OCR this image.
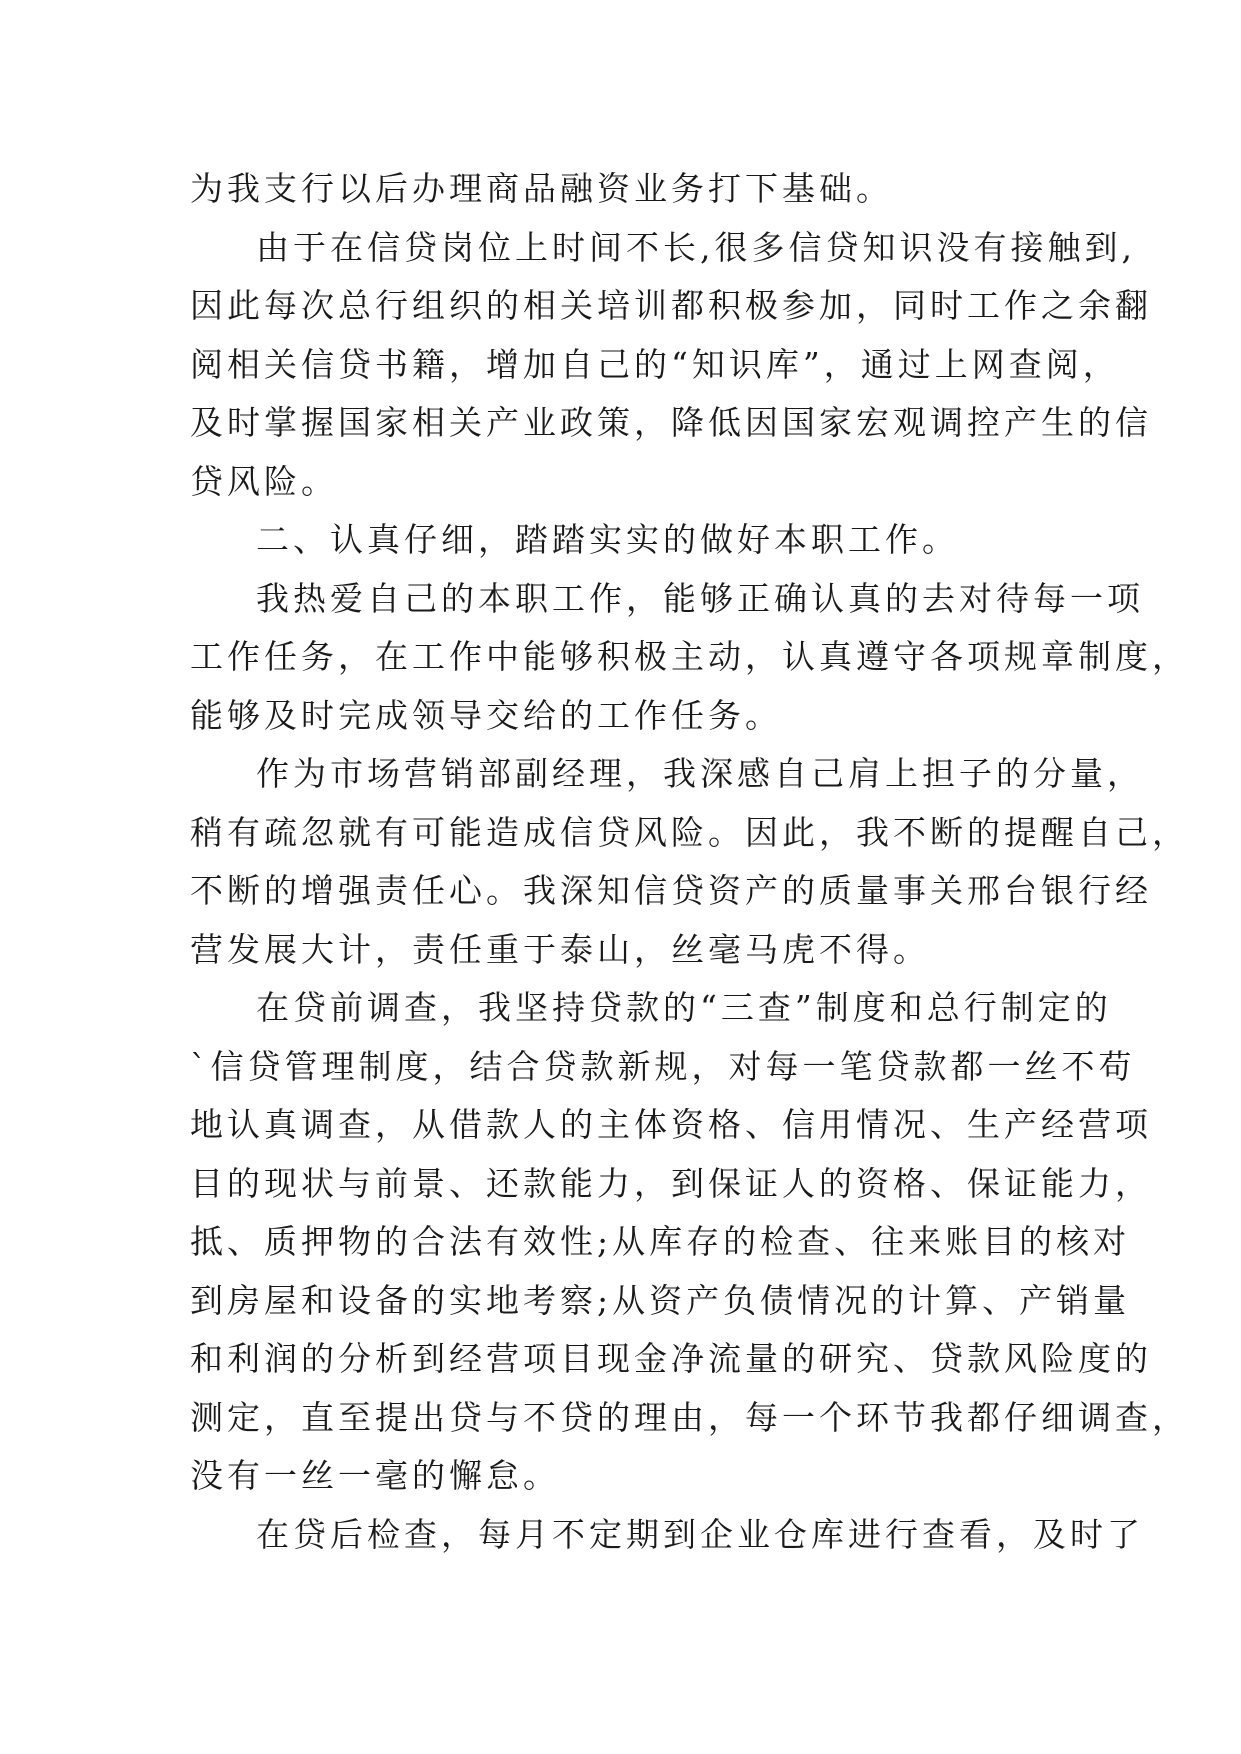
为我支行以后办理商品融资业务打下基础。
由于在信贷岗位上时间不长,很多信贷知识没有接触到,
因此每次总行组织的相关培训都积极参加，同时工作之余翻
阅相关信贷书籍，增加自己的“知识库”，通过上网查阅，
及时掌握国家相关产业政策，降低因国家宏观调控产生的信
贷风险。
二、认真仔细，踏踏实实的做好本职工作。
我热爱自己的本职工作，能够正确认真的去对待每一项
工作任务，在工作中能够积极主动，认真遵守各项规章制度，
能够及时完成领导交给的工作任务。
作为市场营销部副经理，我深感自己肩上担子的分量，
稍有疏忽就有可能造成信贷风险。因此，我不断的提醒自己，
不断的增强责任心。我深知信贷资产的质量事关邢台银行经
营发展大计，责任重于泰山，丝毫马虎不得。
在贷前调查，我坚持贷款的“三查”制度和总行制定的
`信贷管理制度，结合贷款新规，对每一笔贷款都一丝不苟
地认真调查，从借款人的主体资格、信用情况、生产经营项
目的现状与前景、还款能力，到保证人的资格、保证能力，
抵、质押物的合法有效性;从库存的检查、往来账目的核对
到房屋和设备的实地考察;从资产负债情况的计算、产销量
和利润的分析到经营项目现金净流量的研究、贷款风险度的
测定，直至提出贷与不贷的理由，每一个环节我都仔细调查，
没有一丝一毫的懈怠。
在贷后检查，每月不定期到企业仓库进行查看，及时了
